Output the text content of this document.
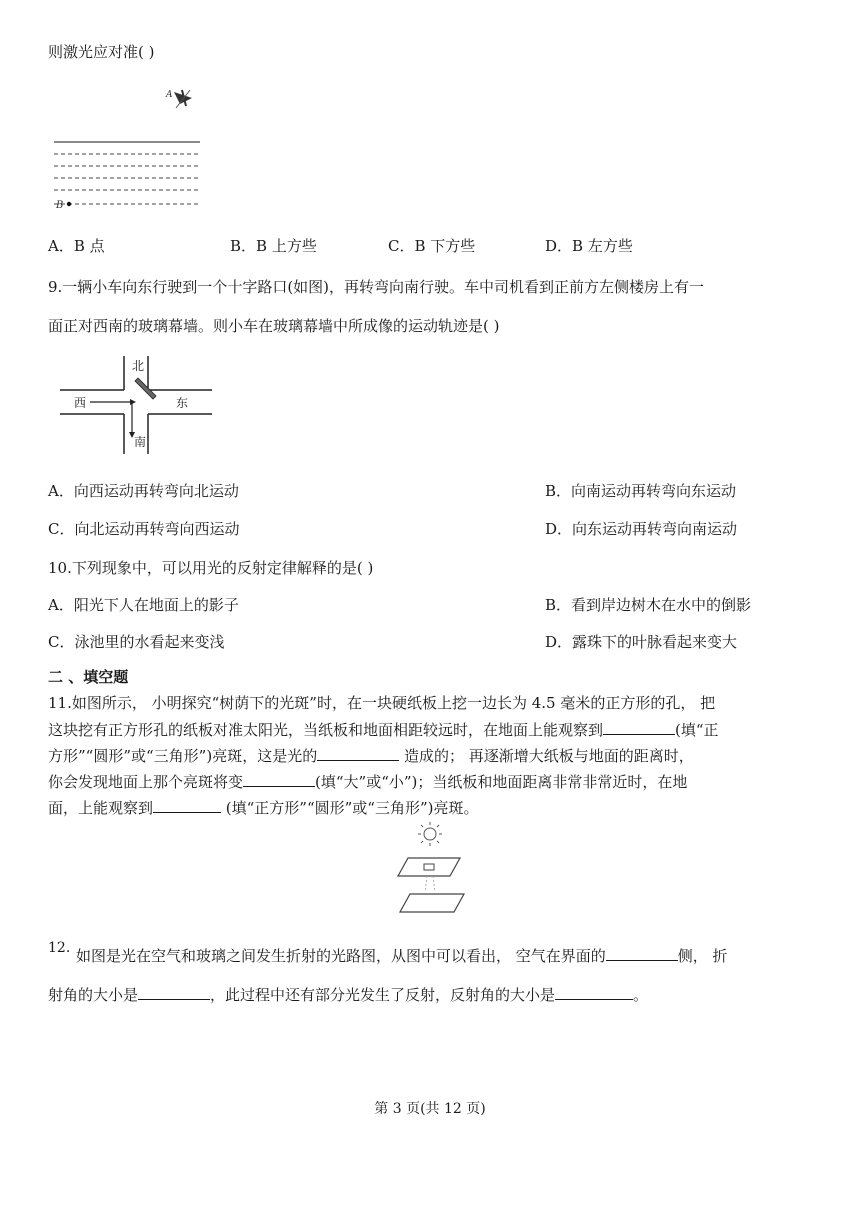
则激光应对准( )
A
B
A．B 点	B．B 上方些	C．B 下方些	D．B 左方些
9.一辆小车向东行驶到一个十字路口(如图)，再转弯向南行驶。车中司机看到正前方左侧楼房上有一
面正对西南的玻璃幕墙。则小车在玻璃幕墙中所成像的运动轨迹是( )
北
南
西	东
A．向西运动再转弯向北运动	B．向南运动再转弯向东运动
C．向北运动再转弯向西运动	D．向东运动再转弯向南运动
10.下列现象中，可以用光的反射定律解释的是( )
A．阳光下人在地面上的影子	B．看到岸边树木在水中的倒影
C．泳池里的水看起来变浅	D．露珠下的叶脉看起来变大
二 、填空题
11.如图所示， 小明探究“树荫下的光斑”时，在一块硬纸板上挖一边长为 4.5 毫米的正方形的孔， 把
这块挖有正方形孔的纸板对准太阳光，当纸板和地面相距较远时，在地面上能观察到	(填“正
方形”“圆形”或“三角形”)亮斑，这是光的	造成的； 再逐渐增大纸板与地面的距离时，
你会发现地面上那个亮斑将变	(填“大”或“小”)；当纸板和地面距离非常非常近时，在地
面，上能观察到	(填“正方形”“圆形”或“三角形”)亮斑。
12. 如图是光在空气和玻璃之间发生折射的光路图，从图中可以看出， 空气在界面的	侧， 折
射角的大小是	，此过程中还有部分光发生了反射，反射角的大小是	。
第 3 页(共 12 页)
